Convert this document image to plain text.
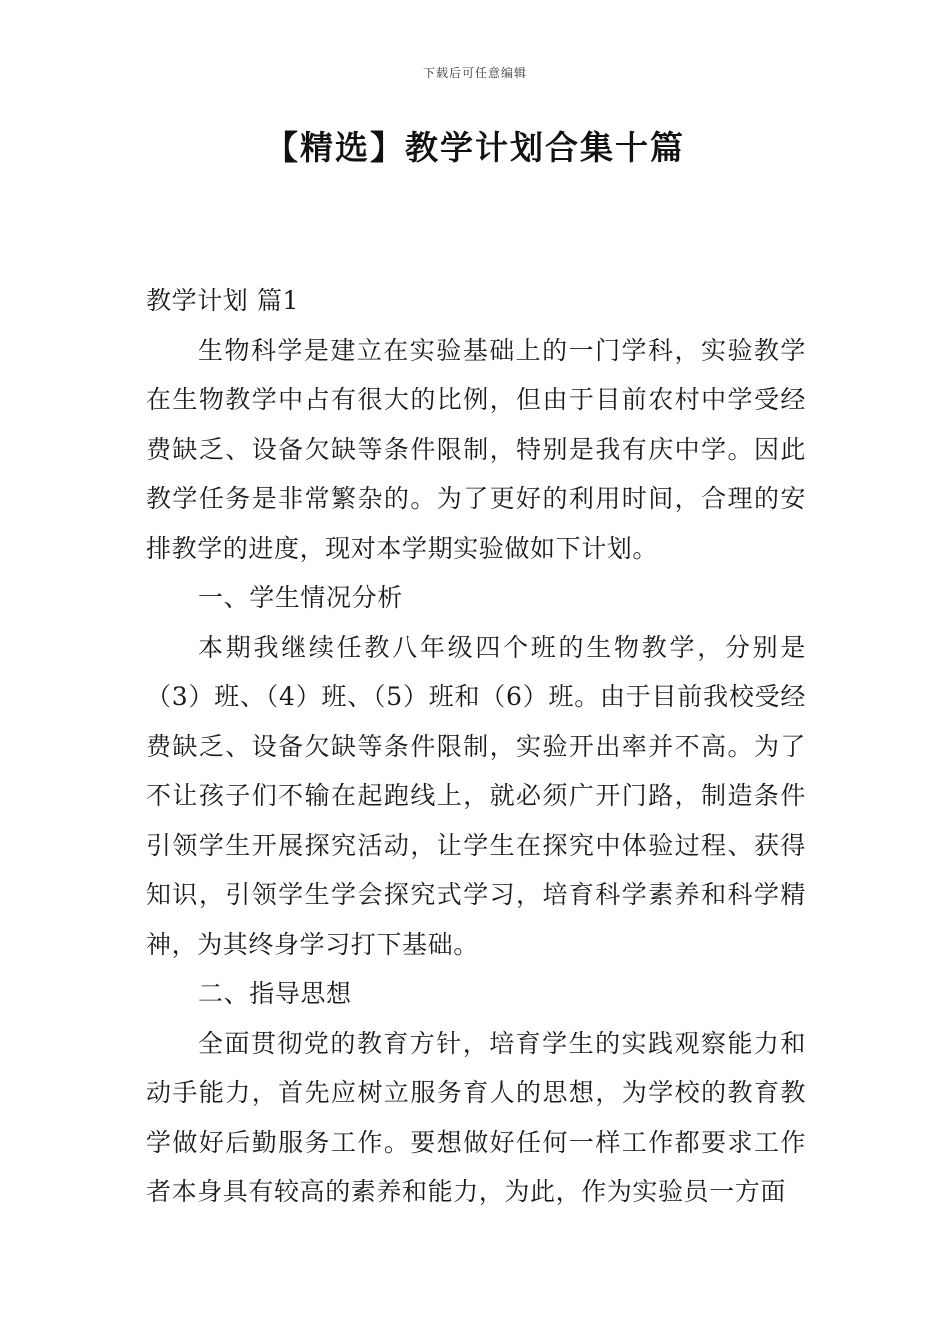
下载后可任意编辑
【精选】教学计划合集十篇

教学计划 篇1

生物科学是建立在实验基础上的一门学科，实验教学在生物教学中占有很大的比例，但由于目前农村中学受经费缺乏、设备欠缺等条件限制，特别是我有庆中学。因此教学任务是非常繁杂的。为了更好的利用时间，合理的安排教学的进度，现对本学期实验做如下计划。

一、学生情况分析

本期我继续任教八年级四个班的生物教学，分别是（3）班、（4）班、（5）班和（6）班。由于目前我校受经费缺乏、设备欠缺等条件限制，实验开出率并不高。为了不让孩子们不输在起跑线上，就必须广开门路，制造条件引领学生开展探究活动，让学生在探究中体验过程、获得知识，引领学生学会探究式学习，培育科学素养和科学精神，为其终身学习打下基础。

二、指导思想

全面贯彻党的教育方针，培育学生的实践观察能力和动手能力，首先应树立服务育人的思想，为学校的教育教学做好后勤服务工作。要想做好任何一样工作都要求工作者本身具有较高的素养和能力，为此，作为实验员一方面
